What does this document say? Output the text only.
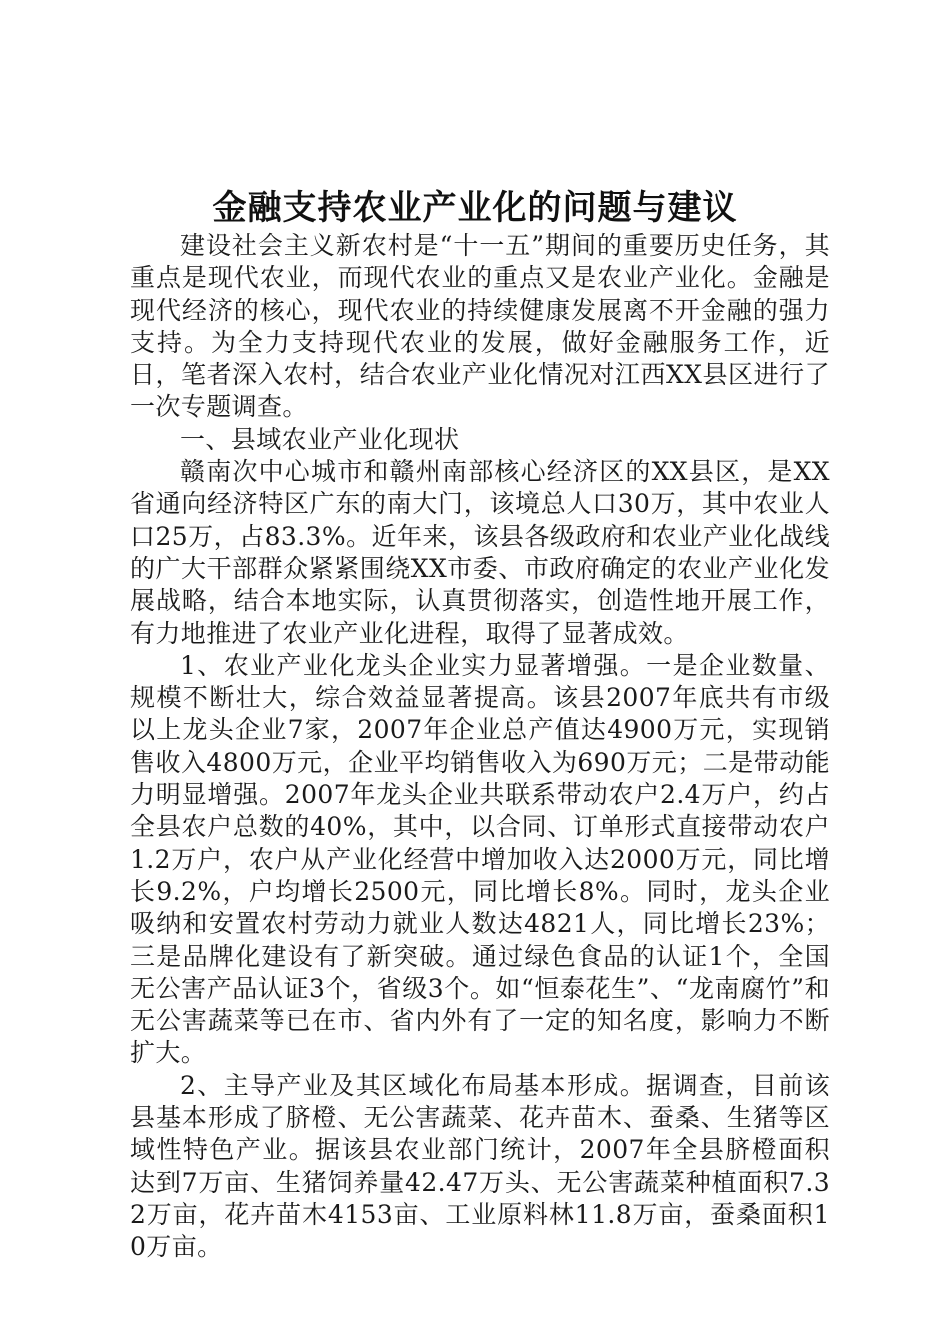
金融支持农业产业化的问题与建议

建设社会主义新农村是“十一五”期间的重要历史任务，其重点是现代农业，而现代农业的重点又是农业产业化。金融是现代经济的核心，现代农业的持续健康发展离不开金融的强力支持。为全力支持现代农业的发展，做好金融服务工作，近日，笔者深入农村，结合农业产业化情况对江西XX县区进行了一次专题调查。

一、县域农业产业化现状

赣南次中心城市和赣州南部核心经济区的XX县区，是XX省通向经济特区广东的南大门，该境总人口30万，其中农业人口25万，占83.3%。近年来，该县各级政府和农业产业化战线的广大干部群众紧紧围绕XX市委、市政府确定的农业产业化发展战略，结合本地实际，认真贯彻落实，创造性地开展工作，有力地推进了农业产业化进程，取得了显著成效。

1、农业产业化龙头企业实力显著增强。一是企业数量、规模不断壮大，综合效益显著提高。该县2007年底共有市级以上龙头企业7家，2007年企业总产值达4900万元，实现销售收入4800万元，企业平均销售收入为690万元；二是带动能力明显增强。2007年龙头企业共联系带动农户2.4万户，约占全县农户总数的40%，其中，以合同、订单形式直接带动农户1.2万户，农户从产业化经营中增加收入达2000万元，同比增长9.2%，户均增长2500元，同比增长8%。同时，龙头企业吸纳和安置农村劳动力就业人数达4821人，同比增长23%；三是品牌化建设有了新突破。通过绿色食品的认证1个，全国无公害产品认证3个，省级3个。如“恒泰花生”、“龙南腐竹”和无公害蔬菜等已在市、省内外有了一定的知名度，影响力不断扩大。

2、主导产业及其区域化布局基本形成。据调查，目前该县基本形成了脐橙、无公害蔬菜、花卉苗木、蚕桑、生猪等区域性特色产业。据该县农业部门统计，2007年全县脐橙面积达到7万亩、生猪饲养量42.47万头、无公害蔬菜种植面积7.32万亩，花卉苗木4153亩、工业原料林11.8万亩，蚕桑面积10万亩。
